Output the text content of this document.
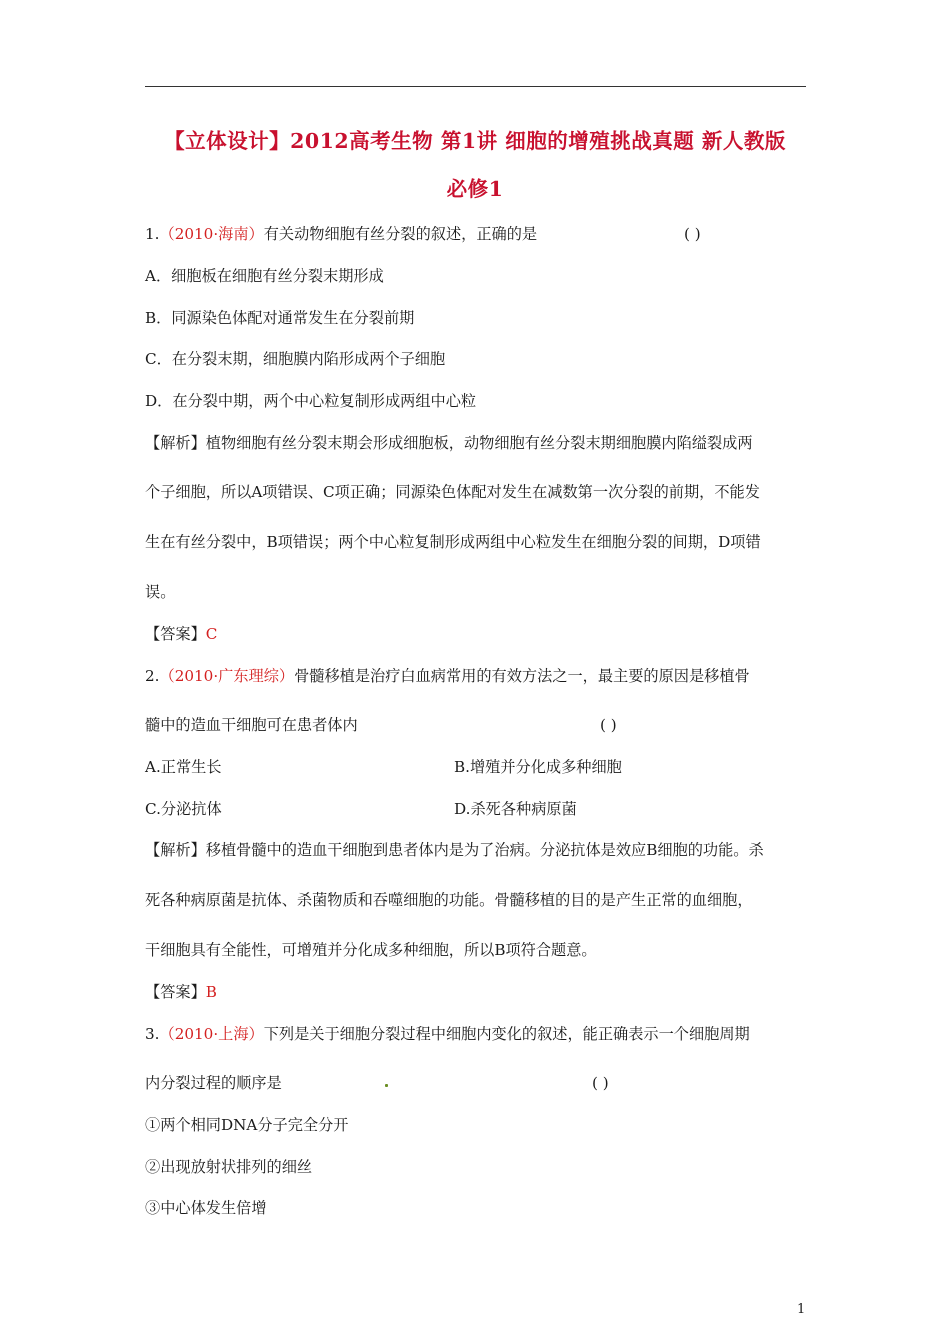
【立体设计】2012高考生物 第1讲 细胞的增殖挑战真题 新人教版
必修1
1.（2010·海南）有关动物细胞有丝分裂的叙述，正确的是	( )
A．细胞板在细胞有丝分裂末期形成
B．同源染色体配对通常发生在分裂前期
C．在分裂末期，细胞膜内陷形成两个子细胞
D．在分裂中期，两个中心粒复制形成两组中心粒
【解析】植物细胞有丝分裂末期会形成细胞板，动物细胞有丝分裂末期细胞膜内陷缢裂成两
个子细胞，所以A项错误、C项正确；同源染色体配对发生在减数第一次分裂的前期，不能发
生在有丝分裂中，B项错误；两个中心粒复制形成两组中心粒发生在细胞分裂的间期，D项错
误。
【答案】C
2.（2010·广东理综）骨髓移植是治疗白血病常用的有效方法之一，最主要的原因是移植骨
髓中的造血干细胞可在患者体内	( )
A.正常生长	B.增殖并分化成多种细胞
C.分泌抗体	D.杀死各种病原菌
【解析】移植骨髓中的造血干细胞到患者体内是为了治病。分泌抗体是效应B细胞的功能。杀
死各种病原菌是抗体、杀菌物质和吞噬细胞的功能。骨髓移植的目的是产生正常的血细胞，
干细胞具有全能性，可增殖并分化成多种细胞，所以B项符合题意。
【答案】B
3.（2010·上海）下列是关于细胞分裂过程中细胞内变化的叙述，能正确表示一个细胞周期
内分裂过程的顺序是	( )
①两个相同DNA分子完全分开
②出现放射状排列的细丝
③中心体发生倍增
1
